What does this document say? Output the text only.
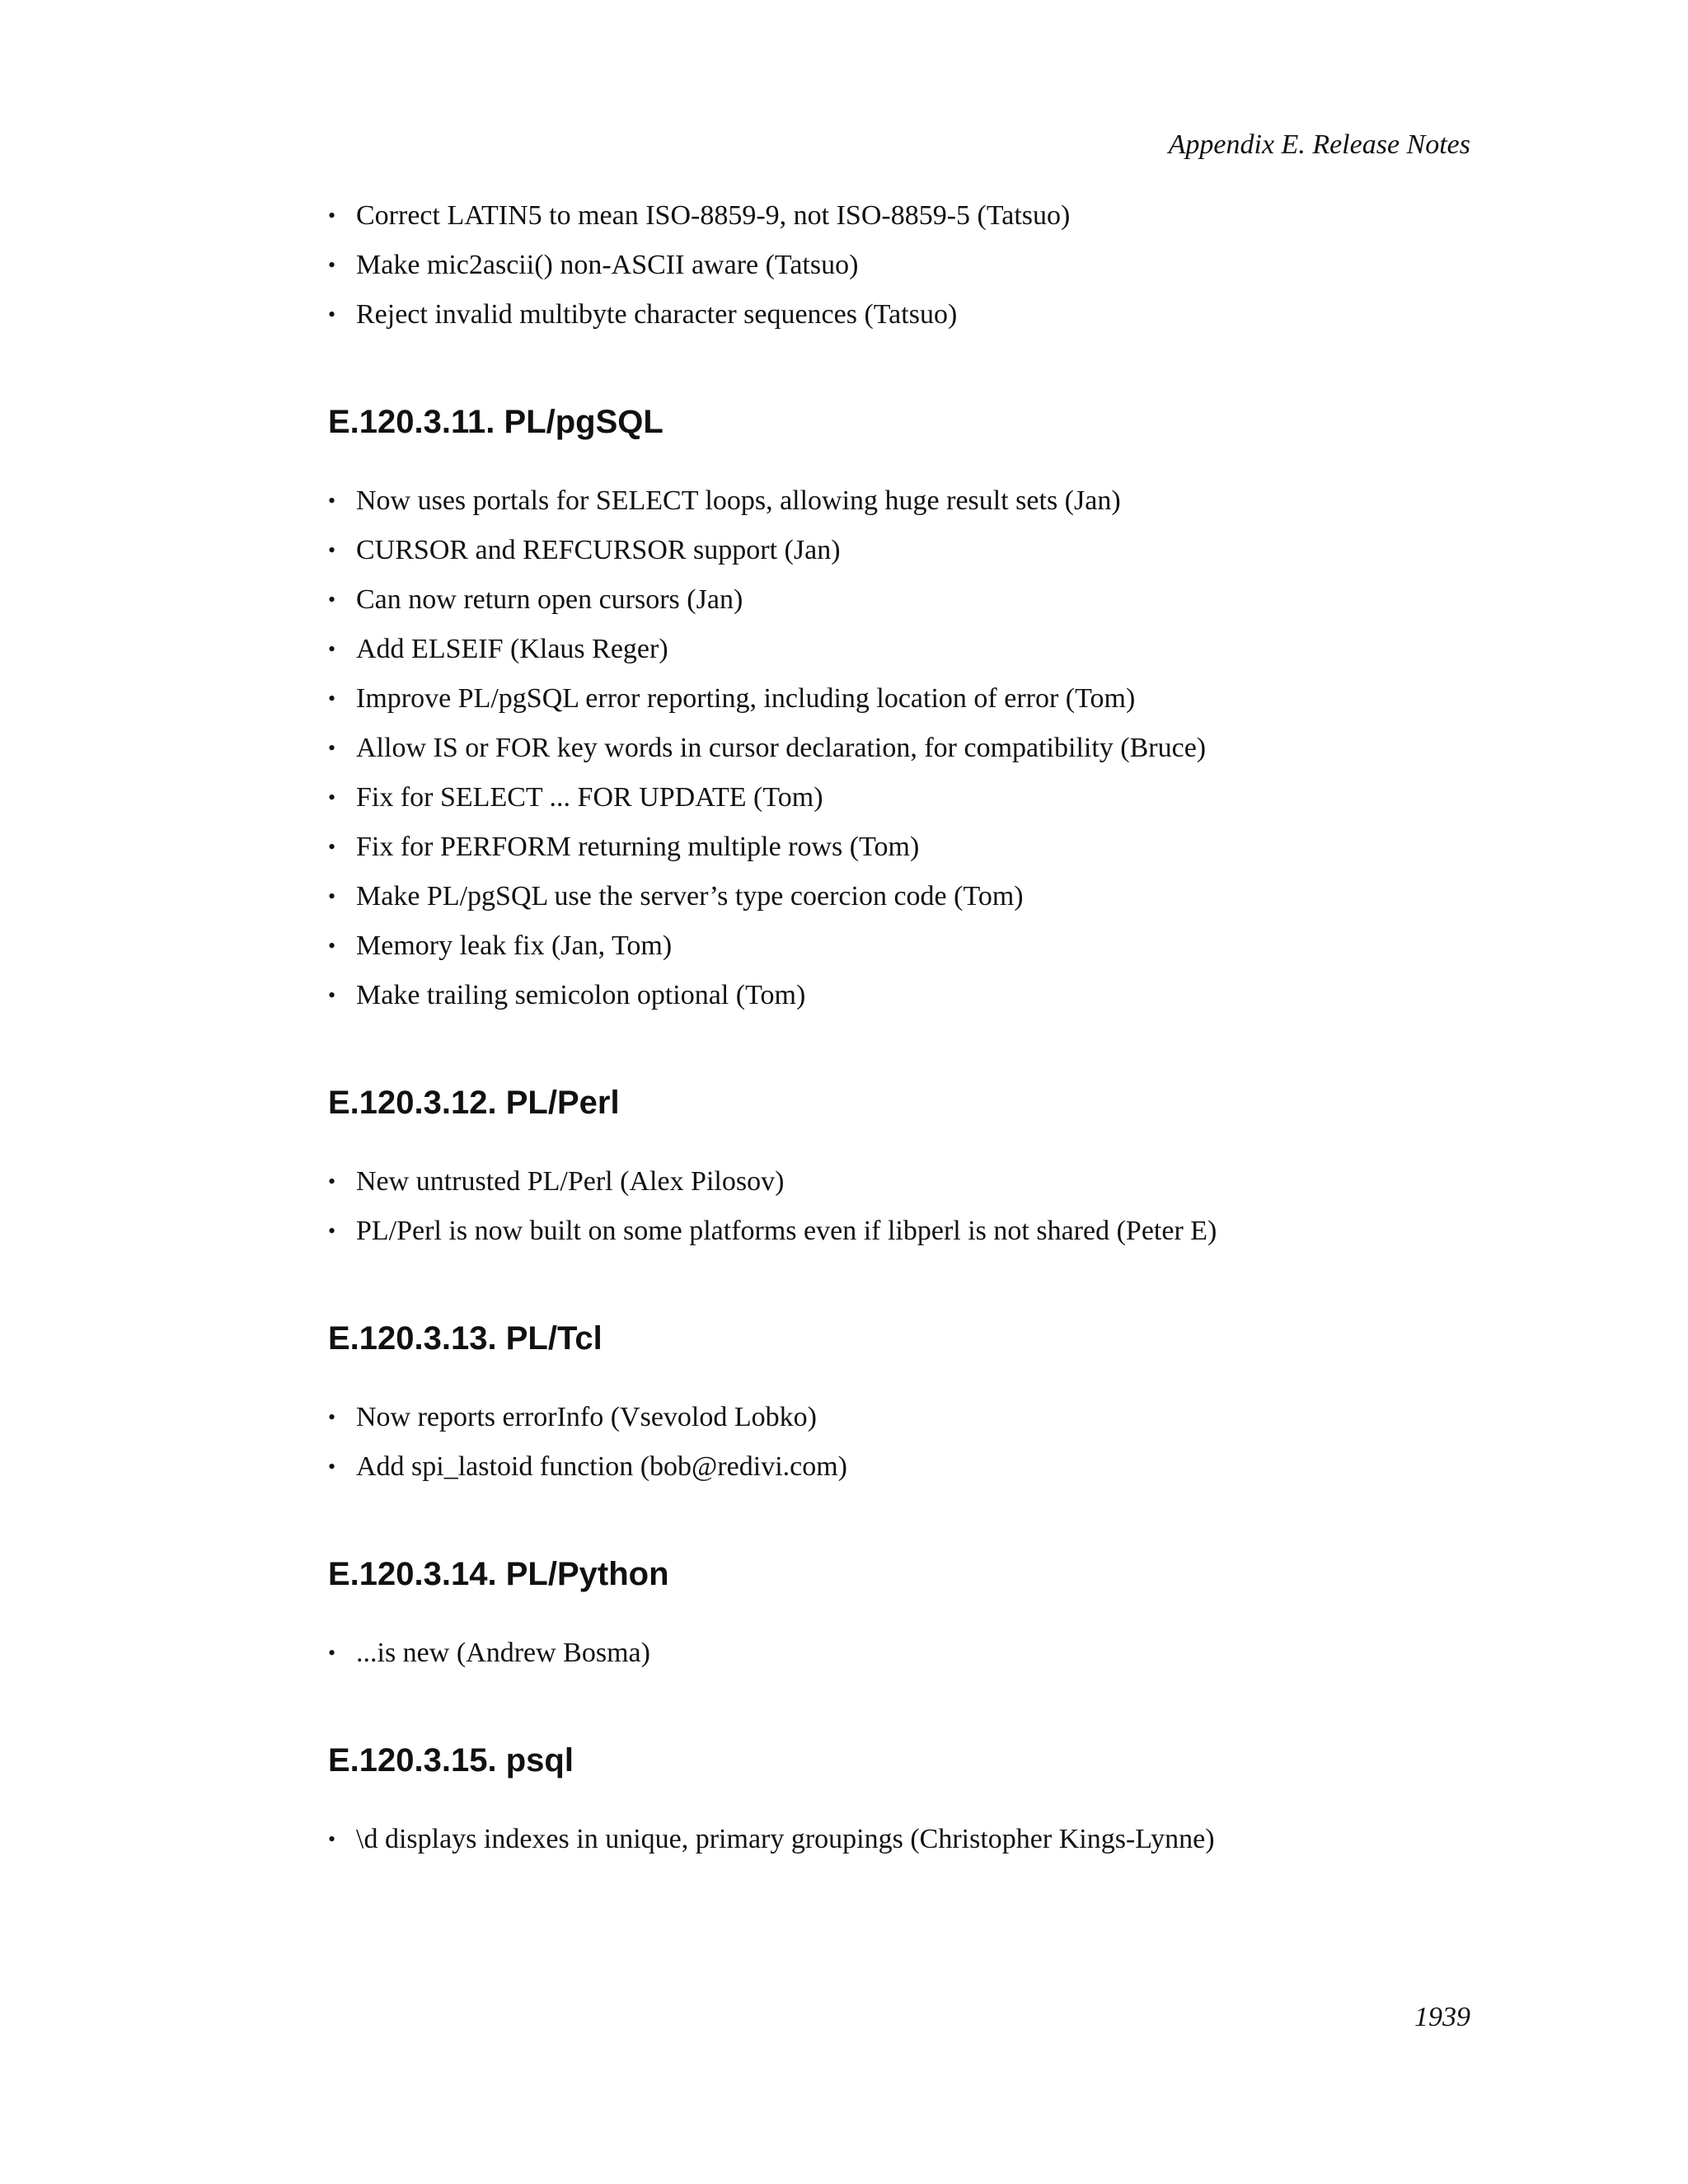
Appendix E. Release Notes
• Correct LATIN5 to mean ISO-8859-9, not ISO-8859-5 (Tatsuo)
• Make mic2ascii() non-ASCII aware (Tatsuo)
• Reject invalid multibyte character sequences (Tatsuo)
E.120.3.11. PL/pgSQL
• Now uses portals for SELECT loops, allowing huge result sets (Jan)
• CURSOR and REFCURSOR support (Jan)
• Can now return open cursors (Jan)
• Add ELSEIF (Klaus Reger)
• Improve PL/pgSQL error reporting, including location of error (Tom)
• Allow IS or FOR key words in cursor declaration, for compatibility (Bruce)
• Fix for SELECT ... FOR UPDATE (Tom)
• Fix for PERFORM returning multiple rows (Tom)
• Make PL/pgSQL use the server’s type coercion code (Tom)
• Memory leak fix (Jan, Tom)
• Make trailing semicolon optional (Tom)
E.120.3.12. PL/Perl
• New untrusted PL/Perl (Alex Pilosov)
• PL/Perl is now built on some platforms even if libperl is not shared (Peter E)
E.120.3.13. PL/Tcl
• Now reports errorInfo (Vsevolod Lobko)
• Add spi_lastoid function (bob@redivi.com)
E.120.3.14. PL/Python
• ...is new (Andrew Bosma)
E.120.3.15. psql
• \d displays indexes in unique, primary groupings (Christopher Kings-Lynne)
1939
